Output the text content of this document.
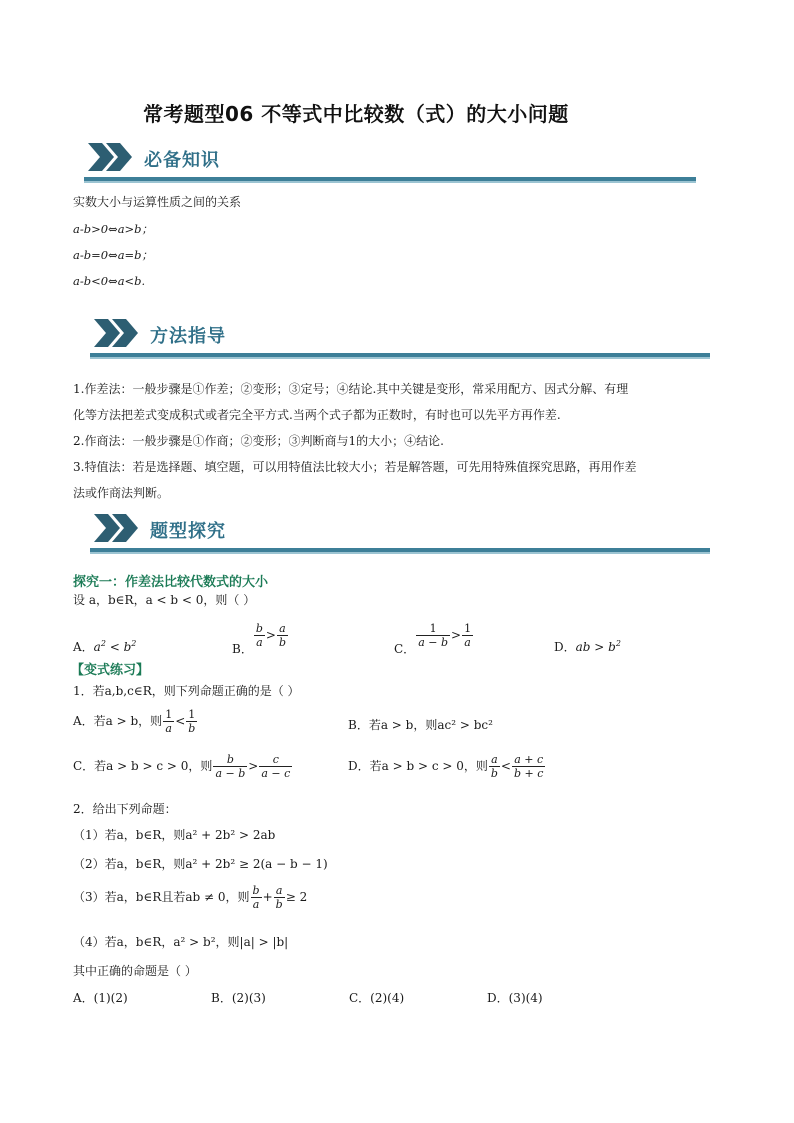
常考题型06 不等式中比较数（式）的大小问题
必备知识
实数大小与运算性质之间的关系
a-b>0⇔a>b；
a-b=0⇔a=b；
a-b<0⇔a<b.
方法指导
1.作差法：一般步骤是①作差；②变形；③定号；④结论.其中关键是变形，常采用配方、因式分解、有理
化等方法把差式变成积式或者完全平方式.当两个式子都为正数时，有时也可以先平方再作差.
2.作商法：一般步骤是①作商；②变形；③判断商与1的大小；④结论.
3.特值法：若是选择题、填空题，可以用特值法比较大小；若是解答题，可先用特殊值探究思路，再用作差
法或作商法判断。
题型探究
探究一：作差法比较代数式的大小
设 a，b∈R，a < b < 0，则（ ）
A．$a^2 < b^2$	B． $\frac{b}{a} > \frac{a}{b}$	C． $\frac{1}{a - b} > \frac{1}{a}$	D．ab > $b^2$
【变式练习】
1．若a,b,c∈R，则下列命题正确的是（ ）
A．若a > b，则 $\frac{1}{a} < \frac{1}{b}$	B．若a > b，则ac² > bc²
C．若a > b > c > 0，则 $\frac{b}{a - b} > \frac{c}{a - c}$	D．若a > b > c > 0，则 $\frac{a}{b} < \frac{a + c}{b + c}$
2．给出下列命题：
（1）若a，b∈R，则a² + 2b² > 2ab
（2）若a，b∈R，则a² + 2b² ≥ 2(a − b − 1)
（3）若a，b∈R且若ab ≠ 0，则 $\frac{b}{a} + \frac{a}{b} \ge 2$
（4）若a，b∈R，a² > b²，则|a| > |b|
其中正确的命题是（ ）
A．(1)(2)	B．(2)(3)	C．(2)(4)	D．(3)(4)
